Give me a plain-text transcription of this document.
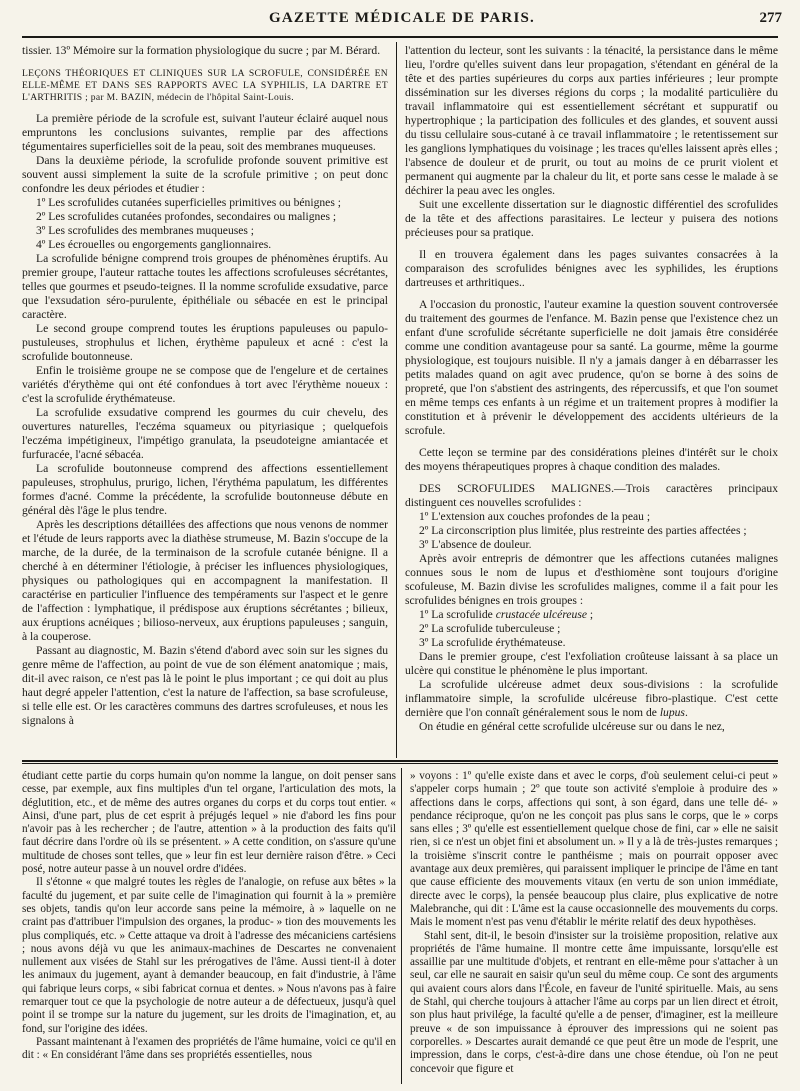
GAZETTE MÉDICALE DE PARIS.	277

tissier. 13º Mémoire sur la formation physiologique du sucre ; par M. Bérard.

LEÇONS THÉORIQUES ET CLINIQUES SUR LA SCROFULE, CONSIDÉRÉE EN ELLE-MÊME ET DANS SES RAPPORTS AVEC LA SYPHILIS, LA DARTRE ET L'ARTHRITIS ; par M. BAZIN, médecin de l'hôpital Saint-Louis.

La première période de la scrofule est, suivant l'auteur éclairé auquel nous empruntons les conclusions suivantes, remplie par des affections tégumentaires superficielles soit de la peau, soit des membranes muqueuses.

Dans la deuxième période, la scrofulide profonde souvent primitive est souvent aussi simplement la suite de la scrofule primitive ; on peut donc confondre les deux périodes et étudier :

1º Les scrofulides cutanées superficielles primitives ou bénignes ;

2º Les scrofulides cutanées profondes, secondaires ou malignes ;

3º Les scrofulides des membranes muqueuses ;

4º Les écrouelles ou engorgements ganglionnaires.

La scrofulide bénigne comprend trois groupes de phénomènes éruptifs. Au premier groupe, l'auteur rattache toutes les affections scrofuleuses sécrétantes, telles que gourmes et pseudo-teignes. Il la nomme scrofulide exsudative, parce que l'exsudation séro-purulente, épithéliale ou sébacée en est le principal caractère.

Le second groupe comprend toutes les éruptions papuleuses ou papulo-pustuleuses, strophulus et lichen, érythème papuleux et acné : c'est la scrofulide boutonneuse.

Enfin le troisième groupe ne se compose que de l'engelure et de certaines variétés d'érythème qui ont été confondues à tort avec l'érythème noueux : c'est la scrofulide érythémateuse.

La scrofulide exsudative comprend les gourmes du cuir chevelu, des ouvertures naturelles, l'eczéma squameux ou pityriasique ; quelquefois l'eczéma impétigineux, l'impétigo granulata, la pseudoteigne amiantacée et furfuracée, l'acné sébacéa.

La scrofulide boutonneuse comprend des affections essentiellement papuleuses, strophulus, prurigo, lichen, l'érythéma papulatum, les différentes formes d'acné. Comme la précédente, la scrofulide boutonneuse débute en général dès l'âge le plus tendre.

Après les descriptions détaillées des affections que nous venons de nommer et l'étude de leurs rapports avec la diathèse strumeuse, M. Bazin s'occupe de la marche, de la durée, de la terminaison de la scrofule cutanée bénigne. Il a cherché à en déterminer l'étiologie, à préciser les influences physiologiques, physiques ou pathologiques qui en accompagnent la manifestation. Il caractérise en particulier l'influence des tempéraments sur l'aspect et le genre de l'affection : lymphatique, il prédispose aux éruptions sécrétantes ; bilieux, aux éruptions acnéiques ; bilioso-nerveux, aux éruptions papuleuses ; sanguin, à la couperose.

Passant au diagnostic, M. Bazin s'étend d'abord avec soin sur les signes du genre même de l'affection, au point de vue de son élément anatomique ; mais, dit-il avec raison, ce n'est pas là le point le plus important ; ce qui doit au plus haut degré appeler l'attention, c'est la nature de l'affection, sa base scrofuleuse, si telle elle est. Or les caractères communs des dartres scrofuleuses, et nous les signalons à

l'attention du lecteur, sont les suivants : la ténacité, la persistance dans le même lieu, l'ordre qu'elles suivent dans leur propagation, s'étendant en général de la tête et des parties supérieures du corps aux parties inférieures ; leur prompte dissémination sur les diverses régions du corps ; la modalité particulière du travail inflammatoire qui est essentiellement sécrétant et suppuratif ou hypertrophique ; la participation des follicules et des glandes, et souvent aussi du tissu cellulaire sous-cutané à ce travail inflammatoire ; le retentissement sur les ganglions lymphatiques du voisinage ; les traces qu'elles laissent après elles ; l'absence de douleur et de prurit, ou tout au moins de ce prurit violent et permanent qui augmente par la chaleur du lit, et porte sans cesse le malade à se déchirer la peau avec les ongles.

Suit une excellente dissertation sur le diagnostic différentiel des scrofulides de la tête et des affections parasitaires. Le lecteur y puisera des notions précieuses pour sa pratique.

Il en trouvera également dans les pages suivantes consacrées à la comparaison des scrofulides bénignes avec les syphilides, les éruptions dartreuses et arthritiques..

A l'occasion du pronostic, l'auteur examine la question souvent controversée du traitement des gourmes de l'enfance. M. Bazin pense que l'existence chez un enfant d'une scrofulide sécrétante superficielle ne doit jamais être considérée comme une condition avantageuse pour sa santé. La gourme, même la gourme physiologique, est toujours nuisible. Il n'y a jamais danger à en débarrasser les petits malades quand on agit avec prudence, qu'on se borne à des soins de propreté, que l'on s'abstient des astringents, des répercussifs, et que l'on soumet en même temps ces enfants à un régime et un traitement propres à modifier la constitution et à prévenir le développement des accidents ultérieurs de la scrofule.

Cette leçon se termine par des considérations pleines d'intérêt sur le choix des moyens thérapeutiques propres à chaque condition des malades.

DES SCROFULIDES MALIGNES.—Trois caractères principaux distinguent ces nouvelles scrofulides :

1º L'extension aux couches profondes de la peau ;

2º La circonscription plus limitée, plus restreinte des parties affectées ;

3º L'absence de douleur.

Après avoir entrepris de démontrer que les affections cutanées malignes connues sous le nom de lupus et d'esthiomène sont toujours d'origine scofuleuse, M. Bazin divise les scrofulides malignes, comme il a fait pour les scrofulides bénignes en trois groupes :

1º La scrofulide crustacée ulcéreuse ;

2º La scrofulide tuberculeuse ;

3º La scrofulide érythémateuse.

Dans le premier groupe, c'est l'exfoliation croûteuse laissant à sa place un ulcère qui constitue le phénomène le plus important.

La scrofulide ulcéreuse admet deux sous-divisions : la scrofulide inflammatoire simple, la scrofulide ulcéreuse fibro-plastique. C'est cette dernière que l'on connaît généralement sous le nom de lupus.

On étudie en général cette scrofulide ulcéreuse sur ou dans le nez,

étudiant cette partie du corps humain qu'on nomme la langue, on doit penser sans cesse, par exemple, aux fins multiples d'un tel organe, l'articulation des mots, la déglutition, etc., et de même des autres organes du corps et du corps tout entier. « Ainsi, d'une part, plus de cet esprit à préjugés lequel » nie d'abord les fins pour n'avoir pas à les rechercher ; de l'autre, attention » à la production des faits qu'il faut décrire dans l'ordre où ils se présentent. » A cette condition, on s'assure qu'une multitude de choses sont telles, que » leur fin est leur dernière raison d'être. » Ceci posé, notre auteur passe à un nouvel ordre d'idées.

Il s'étonne « que malgré toutes les règles de l'analogie, on refuse aux bêtes » la faculté du jugement, et par suite celle de l'imagination qui fournit à la » première ses objets, tandis qu'on leur accorde sans peine la mémoire, à » laquelle on ne craint pas d'attribuer l'impulsion des organes, la produc- » tion des mouvements les plus compliqués, etc. » Cette attaque va droit à l'adresse des mécaniciens cartésiens ; nous avons déjà vu que les animaux-machines de Descartes ne convenaient nullement aux visées de Stahl sur les prérogatives de l'âme. Aussi tient-il à doter les animaux du jugement, ayant à demander beaucoup, en fait d'industrie, à l'âme qui fabrique leurs corps, « sibi fabricat cornua et dentes. » Nous n'avons pas à faire remarquer tout ce que la psychologie de notre auteur a de défectueux, jusqu'à quel point il se trompe sur la nature du jugement, sur les droits de l'imagination, et, au fond, sur l'origine des idées.

Passant maintenant à l'examen des propriétés de l'âme humaine, voici ce qu'il en dit : « En considérant l'âme dans ses propriétés essentielles, nous

» voyons : 1º qu'elle existe dans et avec le corps, d'où seulement celui-ci peut » s'appeler corps humain ; 2º que toute son activité s'emploie à produire des » affections dans le corps, affections qui sont, à son égard, dans une telle dé- » pendance réciproque, qu'on ne les conçoit pas plus sans le corps, que le » corps sans elles ; 3º qu'elle est essentiellement quelque chose de fini, car » elle ne saisit rien, si ce n'est un objet fini et absolument un. » Il y a là de très-justes remarques ; la troisième s'inscrit contre le panthéisme ; mais on pourrait opposer avec avantage aux deux premières, qui paraissent impliquer le principe de l'âme en tant que cause efficiente des mouvements vitaux (en vertu de son union immédiate, directe avec le corps), la pensée beaucoup plus claire, plus explicative de notre Malebranche, qui dit : L'âme est la cause occasionnelle des mouvements du corps. Mais le moment n'est pas venu d'établir le mérite relatif des deux hypothèses.

Stahl sent, dit-il, le besoin d'insister sur la troisième proposition, relative aux propriétés de l'âme humaine. Il montre cette âme impuissante, lorsqu'elle est assaillie par une multitude d'objets, et rentrant en elle-même pour s'attacher à un seul, car elle ne saurait en saisir qu'un seul du même coup. Ce sont des arguments qui avaient cours alors dans l'École, en faveur de l'unité spirituelle. Mais, au sens de Stahl, qui cherche toujours à attacher l'âme au corps par un lien direct et étroit, son plus haut privilége, la faculté qu'elle a de penser, d'imaginer, est la meilleure preuve « de son impuissance à éprouver des impressions qui ne soient pas corporelles. » Descartes aurait demandé ce que peut être un mode de l'esprit, une impression, dans le corps, c'est-à-dire dans une chose étendue, où l'on ne peut concevoir que figure et
